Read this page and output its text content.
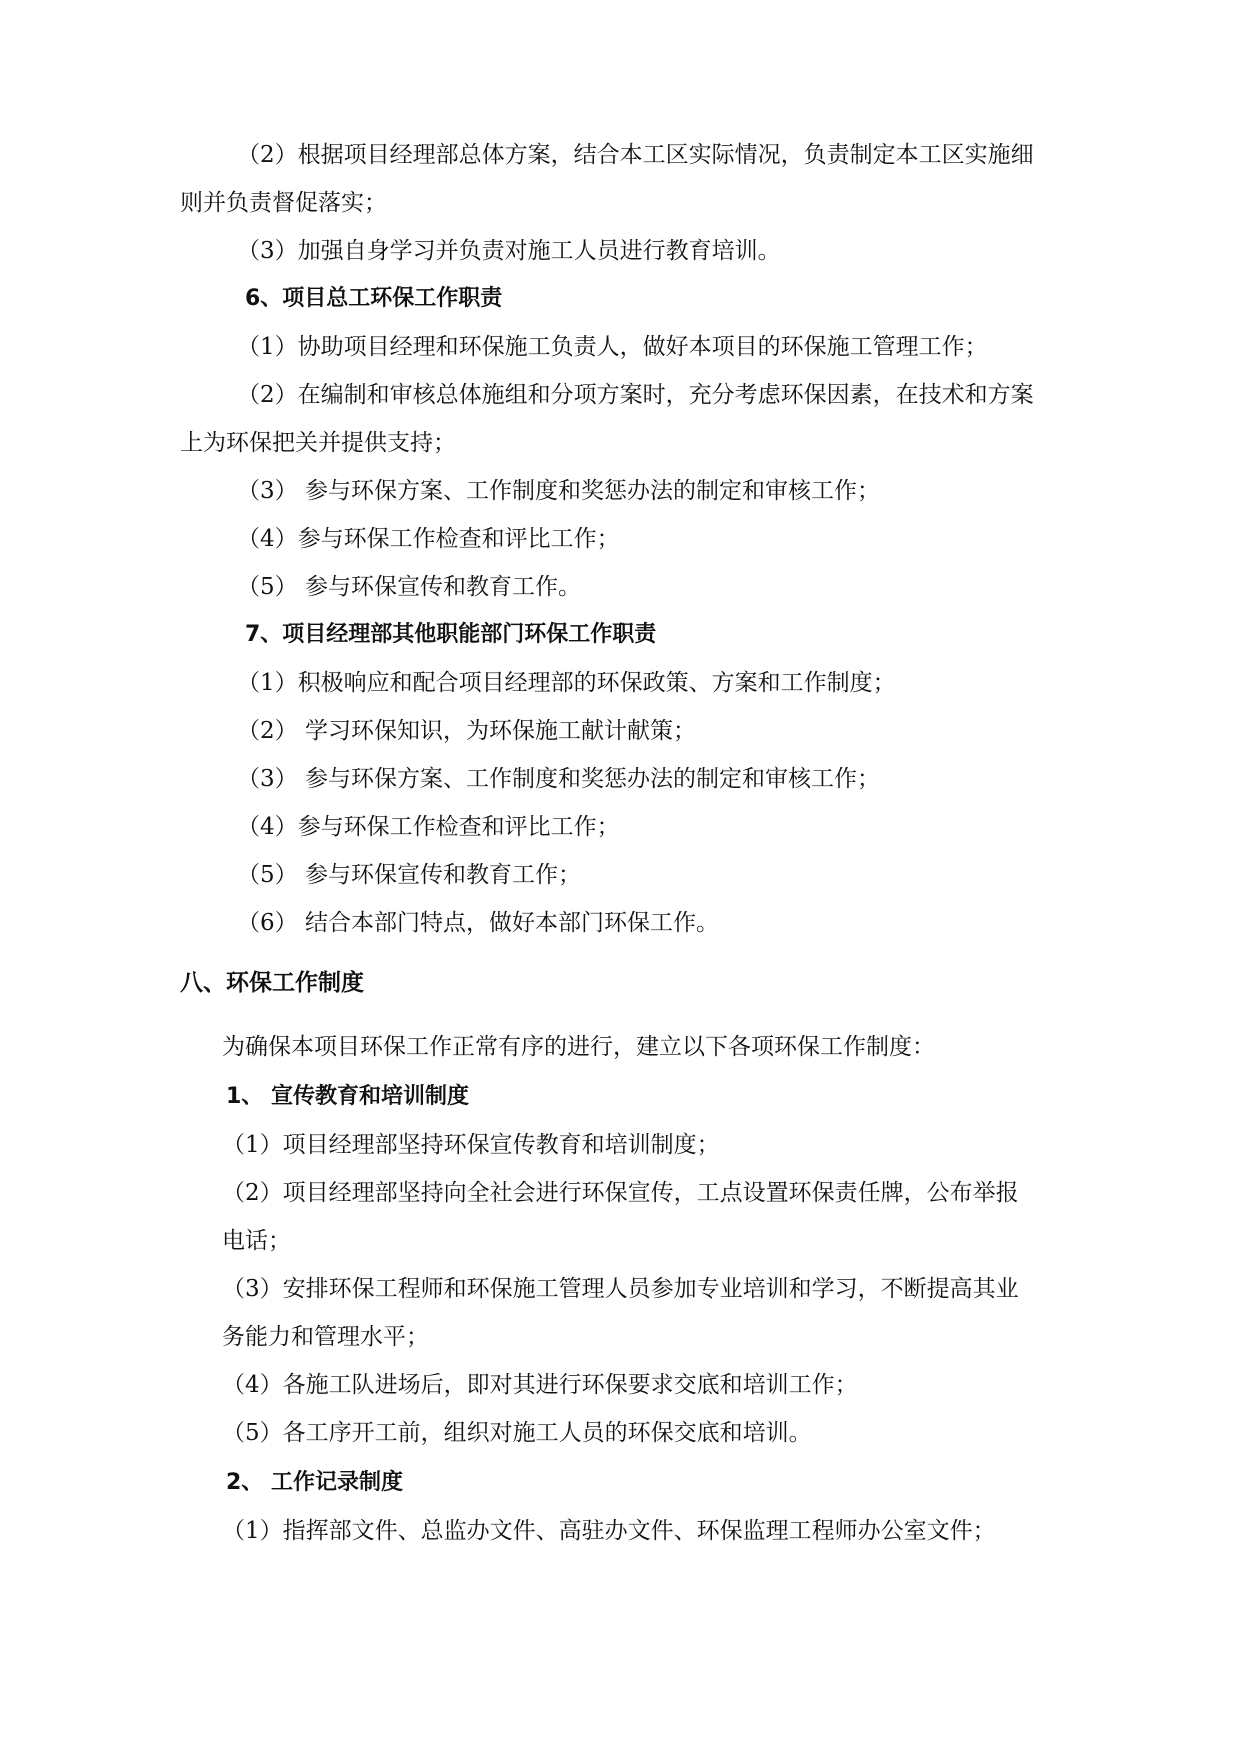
（2）根据项目经理部总体方案，结合本工区实际情况，负责制定本工区实施细
则并负责督促落实；
（3）加强自身学习并负责对施工人员进行教育培训。
6、项目总工环保工作职责
（1）协助项目经理和环保施工负责人，做好本项目的环保施工管理工作；
（2）在编制和审核总体施组和分项方案时，充分考虑环保因素，在技术和方案
上为环保把关并提供支持；
（3） 参与环保方案、工作制度和奖惩办法的制定和审核工作；
（4）参与环保工作检查和评比工作；
（5） 参与环保宣传和教育工作。
7、项目经理部其他职能部门环保工作职责
（1）积极响应和配合项目经理部的环保政策、方案和工作制度；
（2） 学习环保知识，为环保施工献计献策；
（3） 参与环保方案、工作制度和奖惩办法的制定和审核工作；
（4）参与环保工作检查和评比工作；
（5） 参与环保宣传和教育工作；
（6） 结合本部门特点，做好本部门环保工作。
八、环保工作制度
为确保本项目环保工作正常有序的进行，建立以下各项环保工作制度：
1、 宣传教育和培训制度
（1）项目经理部坚持环保宣传教育和培训制度；
（2）项目经理部坚持向全社会进行环保宣传，工点设置环保责任牌，公布举报
电话；
（3）安排环保工程师和环保施工管理人员参加专业培训和学习，不断提高其业
务能力和管理水平；
（4）各施工队进场后，即对其进行环保要求交底和培训工作；
（5）各工序开工前，组织对施工人员的环保交底和培训。
2、 工作记录制度
（1）指挥部文件、总监办文件、高驻办文件、环保监理工程师办公室文件；
